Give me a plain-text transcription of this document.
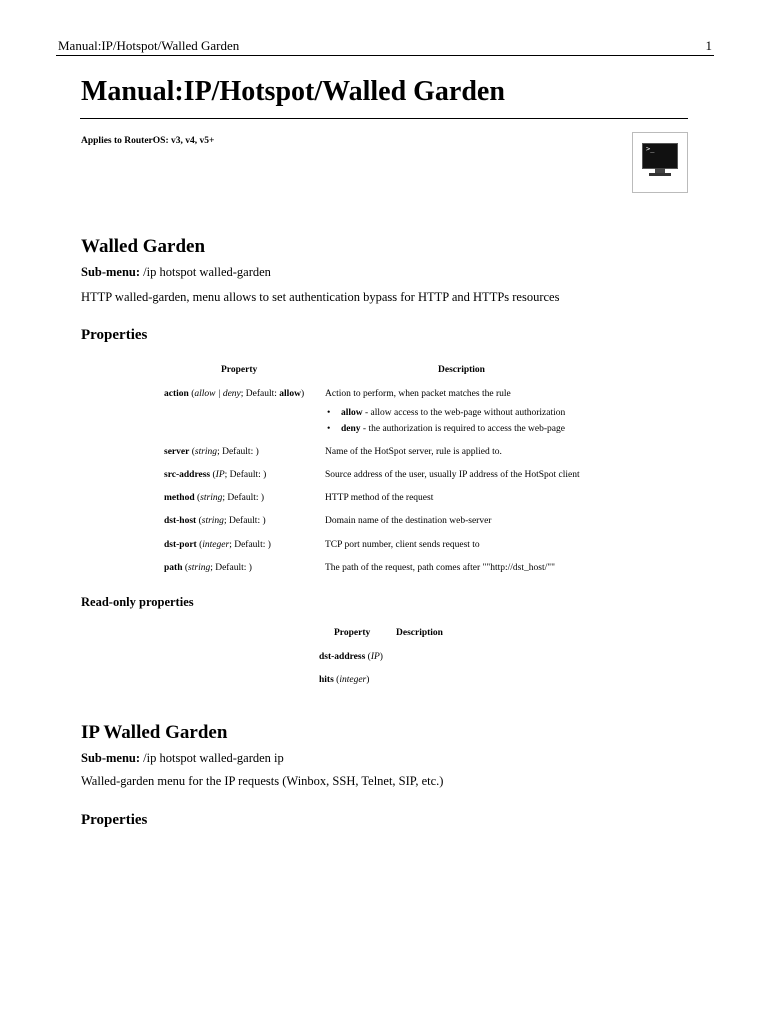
Manual:IP/Hotspot/Walled Garden	1
Manual:IP/Hotspot/Walled Garden
Applies to RouterOS: v3, v4, v5+
>_
Walled Garden
Sub-menu: /ip hotspot walled-garden
HTTP walled-garden, menu allows to set authentication bypass for HTTP and HTTPs resources
Properties
Property	Description
action (allow | deny; Default: allow) Action to perform, when packet matches the rule
• allow - allow access to the web-page without authorization
• deny - the authorization is required to access the web-page
server (string; Default: )	Name of the HotSpot server, rule is applied to.
src-address (IP; Default: )	Source address of the user, usually IP address of the HotSpot client
method (string; Default: )	HTTP method of the request
dst-host (string; Default: )	Domain name of the destination web-server
dst-port (integer; Default: )	TCP port number, client sends request to
path (string; Default: )	The path of the request, path comes after ""http://dst_host/""
Read-only properties
Property	Description
dst-address (IP)
hits (integer)
IP Walled Garden
Sub-menu: /ip hotspot walled-garden ip
Walled-garden menu for the IP requests (Winbox, SSH, Telnet, SIP, etc.)
Properties
